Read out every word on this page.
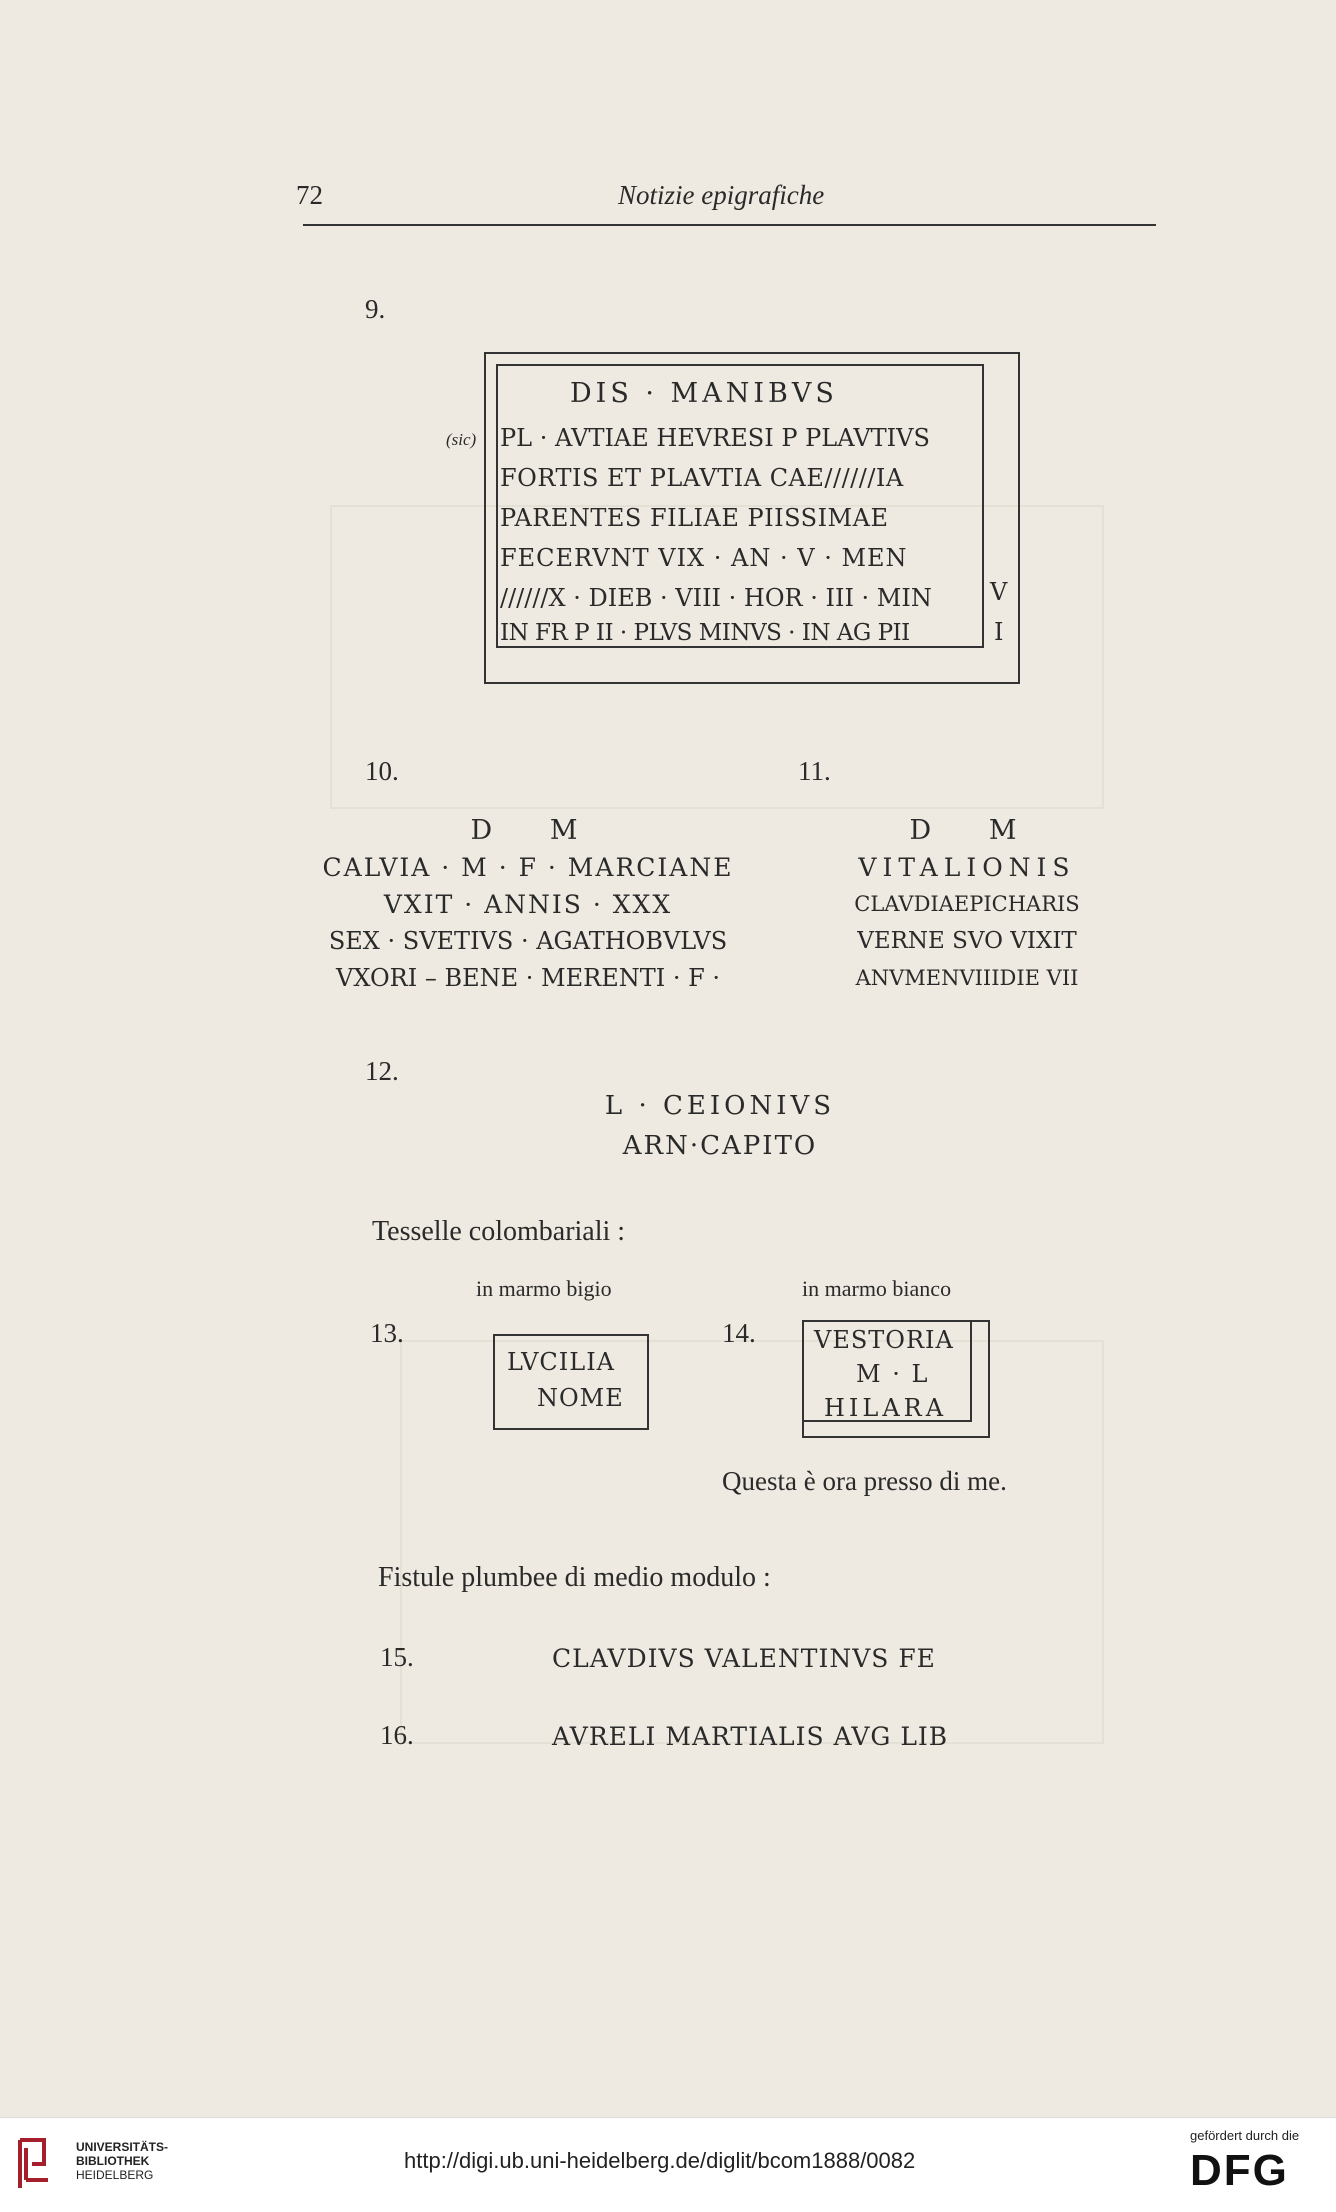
72	Notizie epigrafiche
9.
(sic)
DIS · MANIBVS
PL · AVTIAE HEVRESI P PLAVTIVS
FORTIS ET PLAVTIA CAE//////IA
PARENTES FILIAE PIISSIMAE
FECERVNT VIX · AN · V · MEN
//////X · DIEB · VIII · HOR · III · MIN
IN FR P II · PLVS MINVS · IN AG PII
V
I
10.	11.
D   M
CALVIA · M · F · MARCIANE
VXIT · ANNIS · XXX
SEX · SVETIVS · AGATHOBVLVS
VXORI – BENE · MERENTI · F ·
D   M
VITALIONIS
CLAVDIAEPICHARIS
VERNE SVO VIXIT
ANVMENVIIIDIE VII
12.
L · CEIONIVS
ARN·CAPITO
Tesselle colombariali :
in marmo bigio	in marmo bianco
13.
LVCILIA
NOME
14. VESTORIA
M · L
HILARA
Questa è ora presso di me.
Fistule plumbee di medio modulo :
15.	CLAVDIVS VALENTINVS FE
16.	AVRELI MARTIALIS AVG LIB
UNIVERSITÄTS-
BIBLIOTHEK
HEIDELBERG
http://digi.ub.uni-heidelberg.de/diglit/bcom1888/0082
gefördert durch die
DFG
